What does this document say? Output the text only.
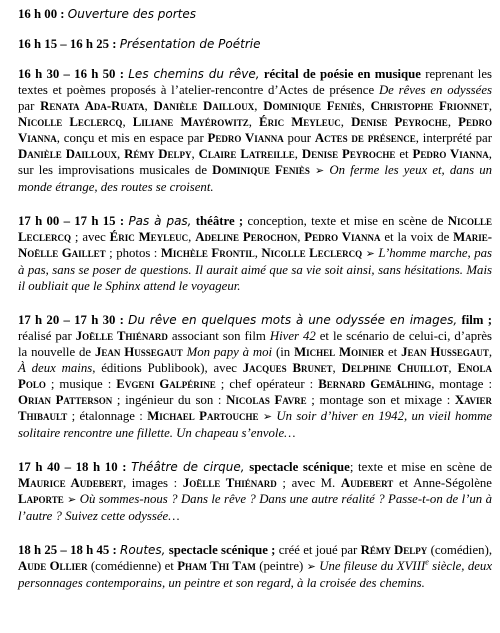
16 h 00 : Ouverture des portes

16 h 15 – 16 h 25 : Présentation de Poétrie

16 h 30 – 16 h 50 : Les chemins du rêve, récital de poésie en musique reprenant les textes et poèmes proposés à l’atelier-rencontre d’Actes de présence De rêves en odyssées par Renata Ada-Ruata, Danièle Dailloux, Dominique Feniès, Christophe Frionnet, Nicolle Leclercq, Liliane Mayérowitz, Éric Meyleuc, Denise Peyroche, Pedro Vianna, conçu et mis en espace par Pedro Vianna pour Actes de présence, interprété par Danièle Dailloux, Rémy Delpy, Claire Latreille, Denise Peyroche et Pedro Vianna, sur les improvisations musicales de Dominique Feniès ➢ On ferme les yeux et, dans un monde étrange, des routes se croisent.

17 h 00 – 17 h 15 : Pas à pas, théâtre ; conception, texte et mise en scène de Nicolle Leclercq ; avec Éric Meyleuc, Adeline Perochon, Pedro Vianna et la voix de Marie-Noëlle Gaillet ; photos : Michèle Frontil, Nicolle Leclercq ➢ L’homme marche, pas à pas, sans se poser de questions. Il aurait aimé que sa vie soit ainsi, sans hésitations. Mais il oubliait que le Sphinx attend le voyageur.

17 h 20 – 17 h 30 : Du rêve en quelques mots à une odyssée en images, film ; réalisé par Joëlle Thiénard associant son film Hiver 42 et le scénario de celui-ci, d’après la nouvelle de Jean Hussegaut Mon papy à moi (in Michel Moinier et Jean Hussegaut, À deux mains, éditions Publibook), avec Jacques Brunet, Delphine Chuillot, Enola Polo ; musique : Evgeni Galpérine ; chef opérateur : Bernard Gemälhing, montage : Orian Patterson ; ingénieur du son : Nicolas Favre ; montage son et mixage : Xavier Thibault ; étalonnage : Michael Partouche ➢ Un soir d’hiver en 1942, un vieil homme solitaire rencontre une fillette. Un chapeau s’envole…

17 h 40 – 18 h 10 : Théâtre de cirque, spectacle scénique; texte et mise en scène de Maurice Audebert, images : Joëlle Thiénard ; avec M. Audebert et Anne-Ségolène Laporte ➢ Où sommes-nous ? Dans le rêve ? Dans une autre réalité ? Passe-t-on de l’un à l’autre ? Suivez cette odyssée…

18 h 25 – 18 h 45 : Routes, spectacle scénique ; créé et joué par Rémy Delpy (comédien), Aude Ollier (comédienne) et Pham Thi Tam (peintre) ➢ Une fileuse du XVIIIe siècle, deux personnages contemporains, un peintre et son regard, à la croisée des chemins.
